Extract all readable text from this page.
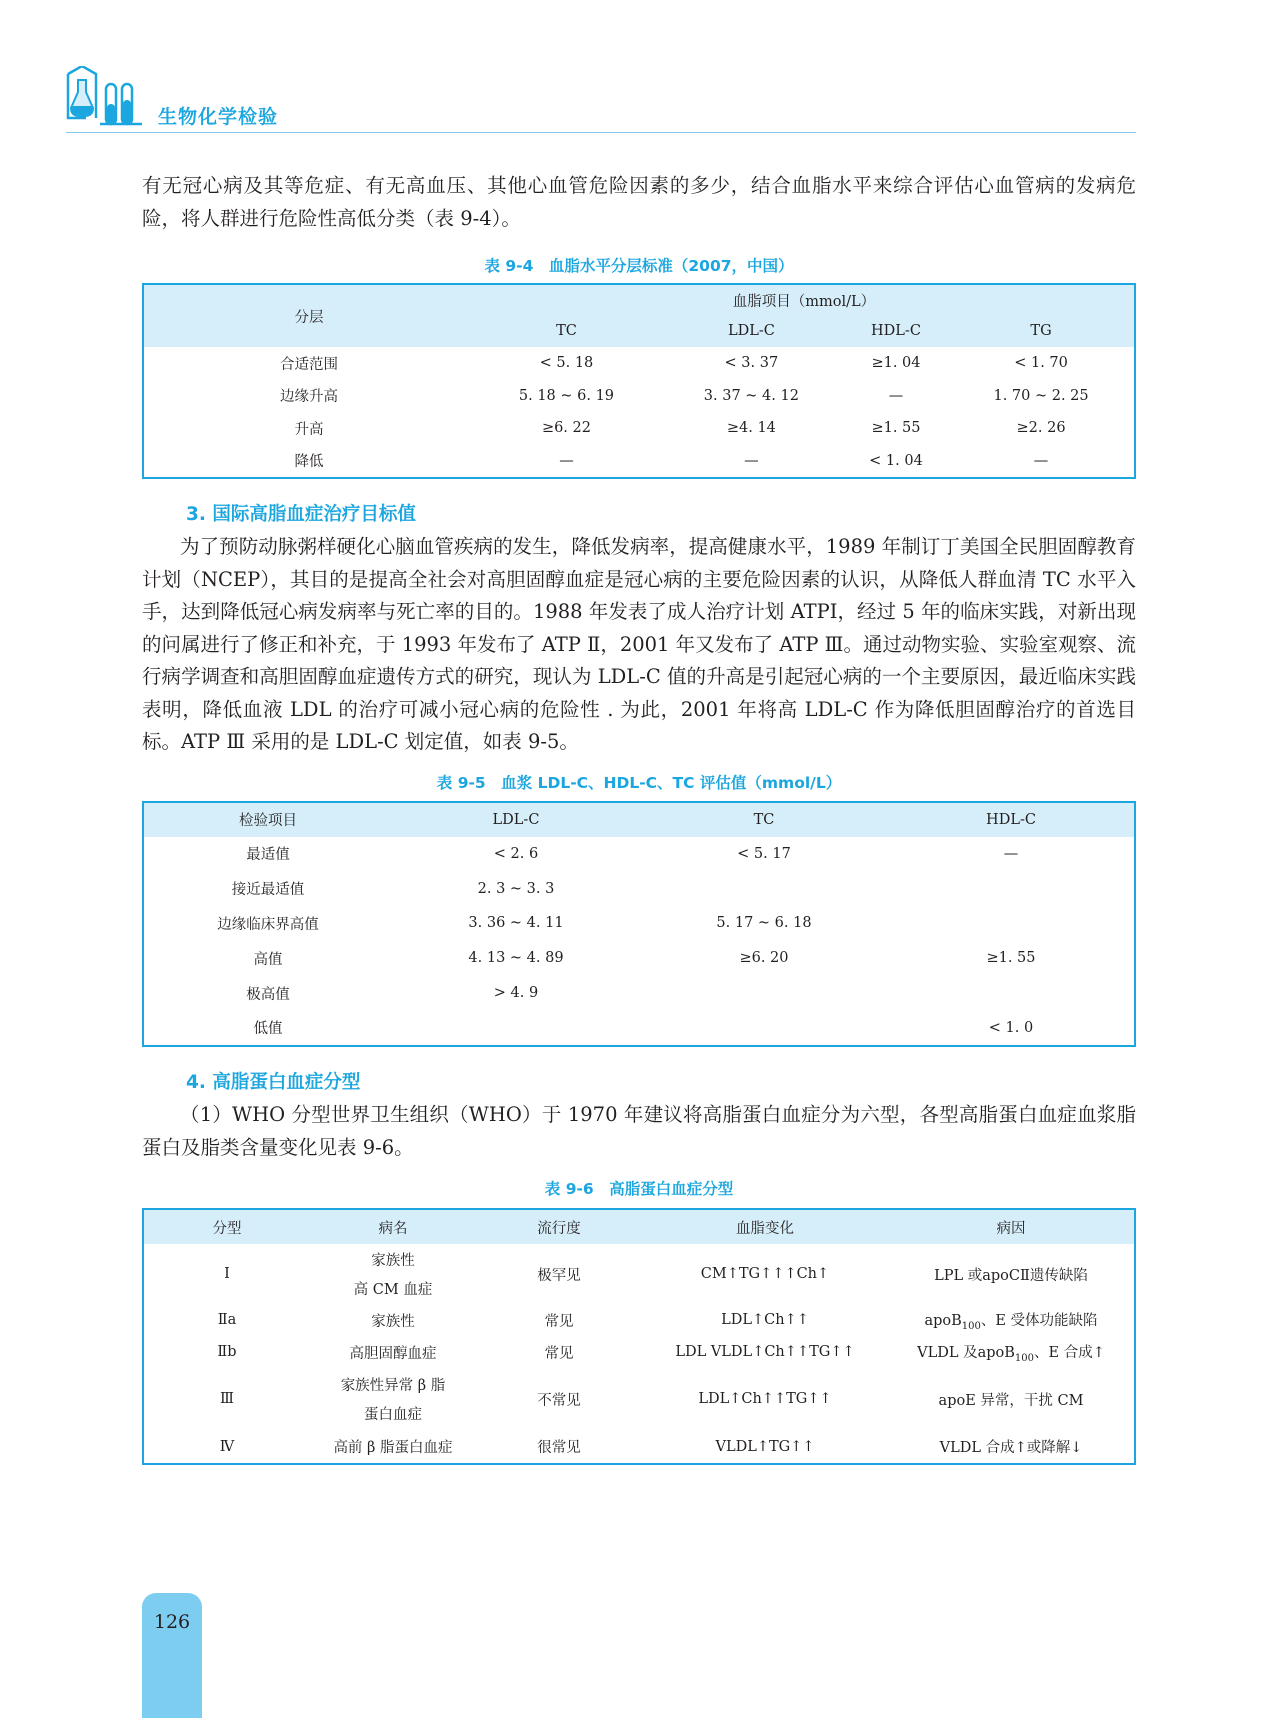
生物化学检验

有无冠心病及其等危症、有无高血压、其他心血管危险因素的多少，结合血脂水平来综合评估心血管病的发病危险，将人群进行危险性高低分类（表 9-4）。

表 9-4　血脂水平分层标准（2007，中国）

分层	血脂项目（mmol/L）			
	TC	LDL-C	HDL-C	TG
合适范围	< 5. 18	< 3. 37	≥1. 04	< 1. 70
边缘升高	5. 18 ~ 6. 19	3. 37 ~ 4. 12	—	1. 70 ~ 2. 25
升高	≥6. 22	≥4. 14	≥1. 55	≥2. 26
降低	—	—	< 1. 04	—
3. 国际高脂血症治疗目标值

为了预防动脉粥样硬化心脑血管疾病的发生，降低发病率，提高健康水平，1989 年制订丁美国全民胆固醇教育计划（NCEP），其目的是提高全社会对高胆固醇血症是冠心病的主要危险因素的认识，从降低人群血清 TC 水平入手，达到降低冠心病发病率与死亡率的目的。1988 年发表了成人治疗计划 ATPI，经过 5 年的临床实践，对新出现的问属进行了修正和补充，于 1993 年发布了 ATP Ⅱ，2001 年又发布了 ATP Ⅲ。通过动物实验、实验室观察、流行病学调查和高胆固醇血症遗传方式的研究，现认为 LDL-C 值的升高是引起冠心病的一个主要原因，最近临床实践表明，降低血液 LDL 的治疗可减小冠心病的危险性 . 为此，2001 年将高 LDL-C 作为降低胆固醇治疗的首选目标。ATP Ⅲ 采用的是 LDL-C 划定值，如表 9-5。

表 9-5　血浆 LDL-C、HDL-C、TC 评估值（mmol/L）

检验项目	LDL-C	TC	HDL-C
最适值	< 2. 6	< 5. 17	—
接近最适值	2. 3 ~ 3. 3		
边缘临床界高值	3. 36 ~ 4. 11	5. 17 ~ 6. 18	
高值	4. 13 ~ 4. 89	≥6. 20	≥1. 55
极高值	> 4. 9		
低值			< 1. 0
4. 高脂蛋白血症分型

（1）WHO 分型世界卫生组织（WHO）于 1970 年建议将高脂蛋白血症分为六型，各型高脂蛋白血症血浆脂蛋白及脂类含量变化见表 9-6。

表 9-6　高脂蛋白血症分型

分型	病名	流行度	血脂变化	病因
Ⅰ	家族性
高 CM 血症	极罕见	CM↑TG↑↑↑Ch↑	LPL 或apoCⅡ遗传缺陷
Ⅱa	家族性	常见	LDL↑Ch↑↑	apoB$_{100}$、E 受体功能缺陷
Ⅱb	高胆固醇血症	常见	LDL VLDL↑Ch↑↑TG↑↑	VLDL 及apoB$_{100}$、E 合成↑
Ⅲ	家族性异常 β 脂
蛋白血症	不常见	LDL↑Ch↑↑TG↑↑	apoE 异常，干扰 CM
Ⅳ	高前 β 脂蛋白血症	很常见	VLDL↑TG↑↑	VLDL 合成↑或降解↓
126
